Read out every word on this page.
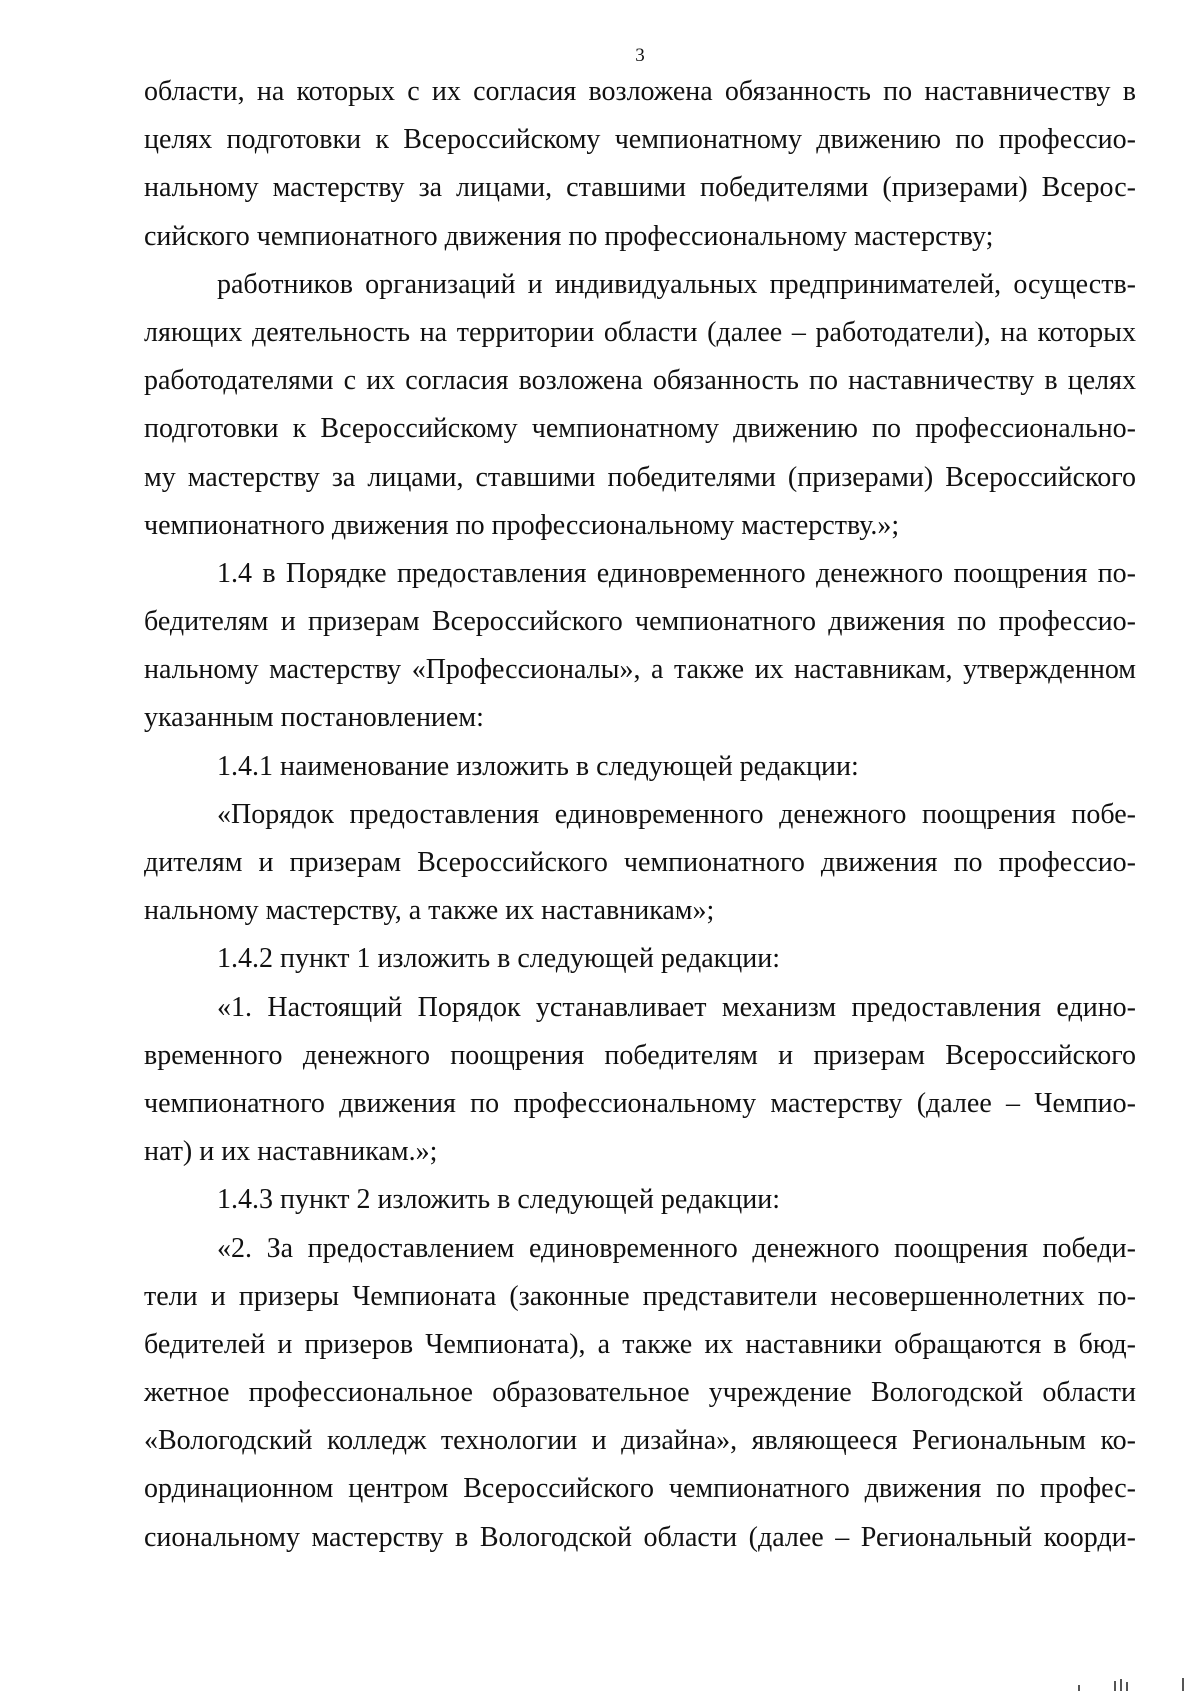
3
области, на которых с их согласия возложена обязанность по наставничеству в
целях подготовки к Всероссийскому чемпионатному движению по профессио-
нальному мастерству за лицами, ставшими победителями (призерами) Всерос-
сийского чемпионатного движения по профессиональному мастерству;
работников организаций и индивидуальных предпринимателей, осуществ-
ляющих деятельность на территории области (далее – работодатели), на которых
работодателями с их согласия возложена обязанность по наставничеству в целях
подготовки к Всероссийскому чемпионатному движению по профессионально-
му мастерству за лицами, ставшими победителями (призерами) Всероссийского
чемпионатного движения по профессиональному мастерству.»;
1.4 в Порядке предоставления единовременного денежного поощрения по-
бедителям и призерам Всероссийского чемпионатного движения по профессио-
нальному мастерству «Профессионалы», а также их наставникам, утвержденном
указанным постановлением:
1.4.1 наименование изложить в следующей редакции:
«Порядок предоставления единовременного денежного поощрения побе-
дителям и призерам Всероссийского чемпионатного движения по профессио-
нальному мастерству, а также их наставникам»;
1.4.2 пункт 1 изложить в следующей редакции:
«1. Настоящий Порядок устанавливает механизм предоставления едино-
временного денежного поощрения победителям и призерам Всероссийского
чемпионатного движения по профессиональному мастерству (далее – Чемпио-
нат) и их наставникам.»;
1.4.3 пункт 2 изложить в следующей редакции:
«2. За предоставлением единовременного денежного поощрения победи-
тели и призеры Чемпионата (законные представители несовершеннолетних по-
бедителей и призеров Чемпионата), а также их наставники обращаются в бюд-
жетное профессиональное образовательное учреждение Вологодской области
«Вологодский колледж технологии и дизайна», являющееся Региональным ко-
ординационном центром Всероссийского чемпионатного движения по профес-
сиональному мастерству в Вологодской области (далее – Региональный коорди-
